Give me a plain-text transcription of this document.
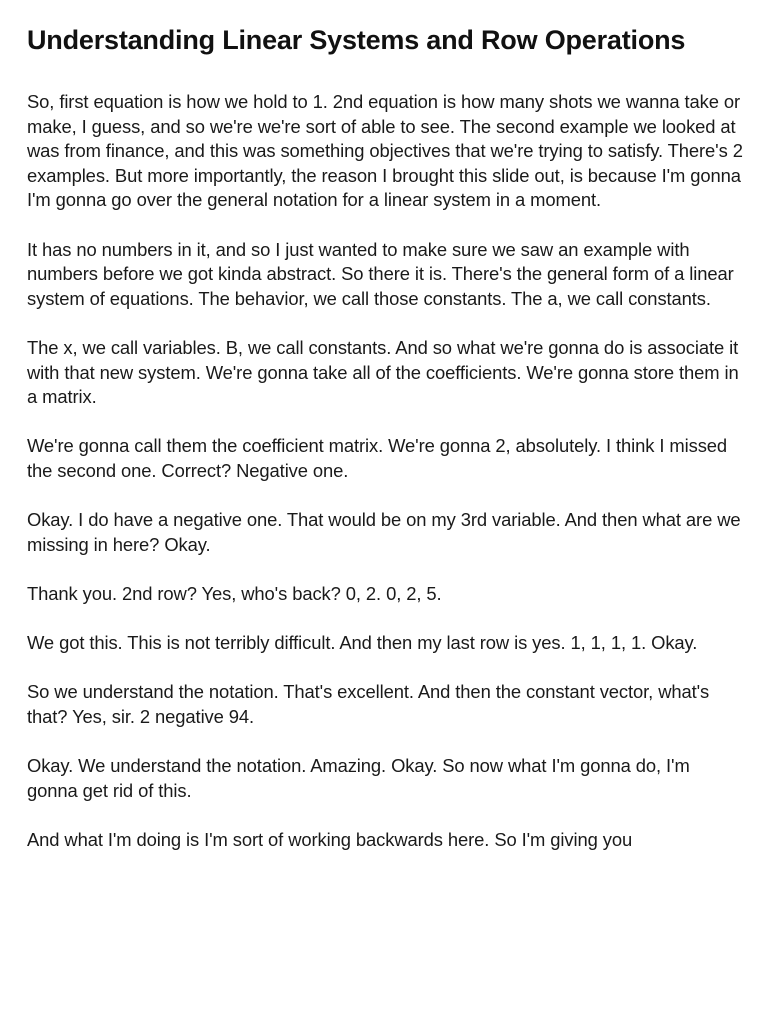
Understanding Linear Systems and Row Operations

So, first equation is how we hold to 1. 2nd equation is how many shots we wanna take or make, I guess, and so we're we're sort of able to see. The second example we looked at was from finance, and this was something objectives that we're trying to satisfy. There's 2 examples. But more importantly, the reason I brought this slide out, is because I'm gonna I'm gonna go over the general notation for a linear system in a moment.

It has no numbers in it, and so I just wanted to make sure we saw an example with numbers before we got kinda abstract. So there it is. There's the general form of a linear system of equations. The behavior, we call those constants. The a, we call constants.

The x, we call variables. B, we call constants. And so what we're gonna do is associate it with that new system. We're gonna take all of the coefficients. We're gonna store them in a matrix.

We're gonna call them the coefficient matrix. We're gonna 2, absolutely. I think I missed the second one. Correct? Negative one.

Okay. I do have a negative one. That would be on my 3rd variable. And then what are we missing in here? Okay.

Thank you. 2nd row? Yes, who's back? 0, 2. 0, 2, 5.

We got this. This is not terribly difficult. And then my last row is yes. 1, 1, 1, 1. Okay.

So we understand the notation. That's excellent. And then the constant vector, what's that? Yes, sir. 2 negative 94.

Okay. We understand the notation. Amazing. Okay. So now what I'm gonna do, I'm gonna get rid of this.

And what I'm doing is I'm sort of working backwards here. So I'm giving you
